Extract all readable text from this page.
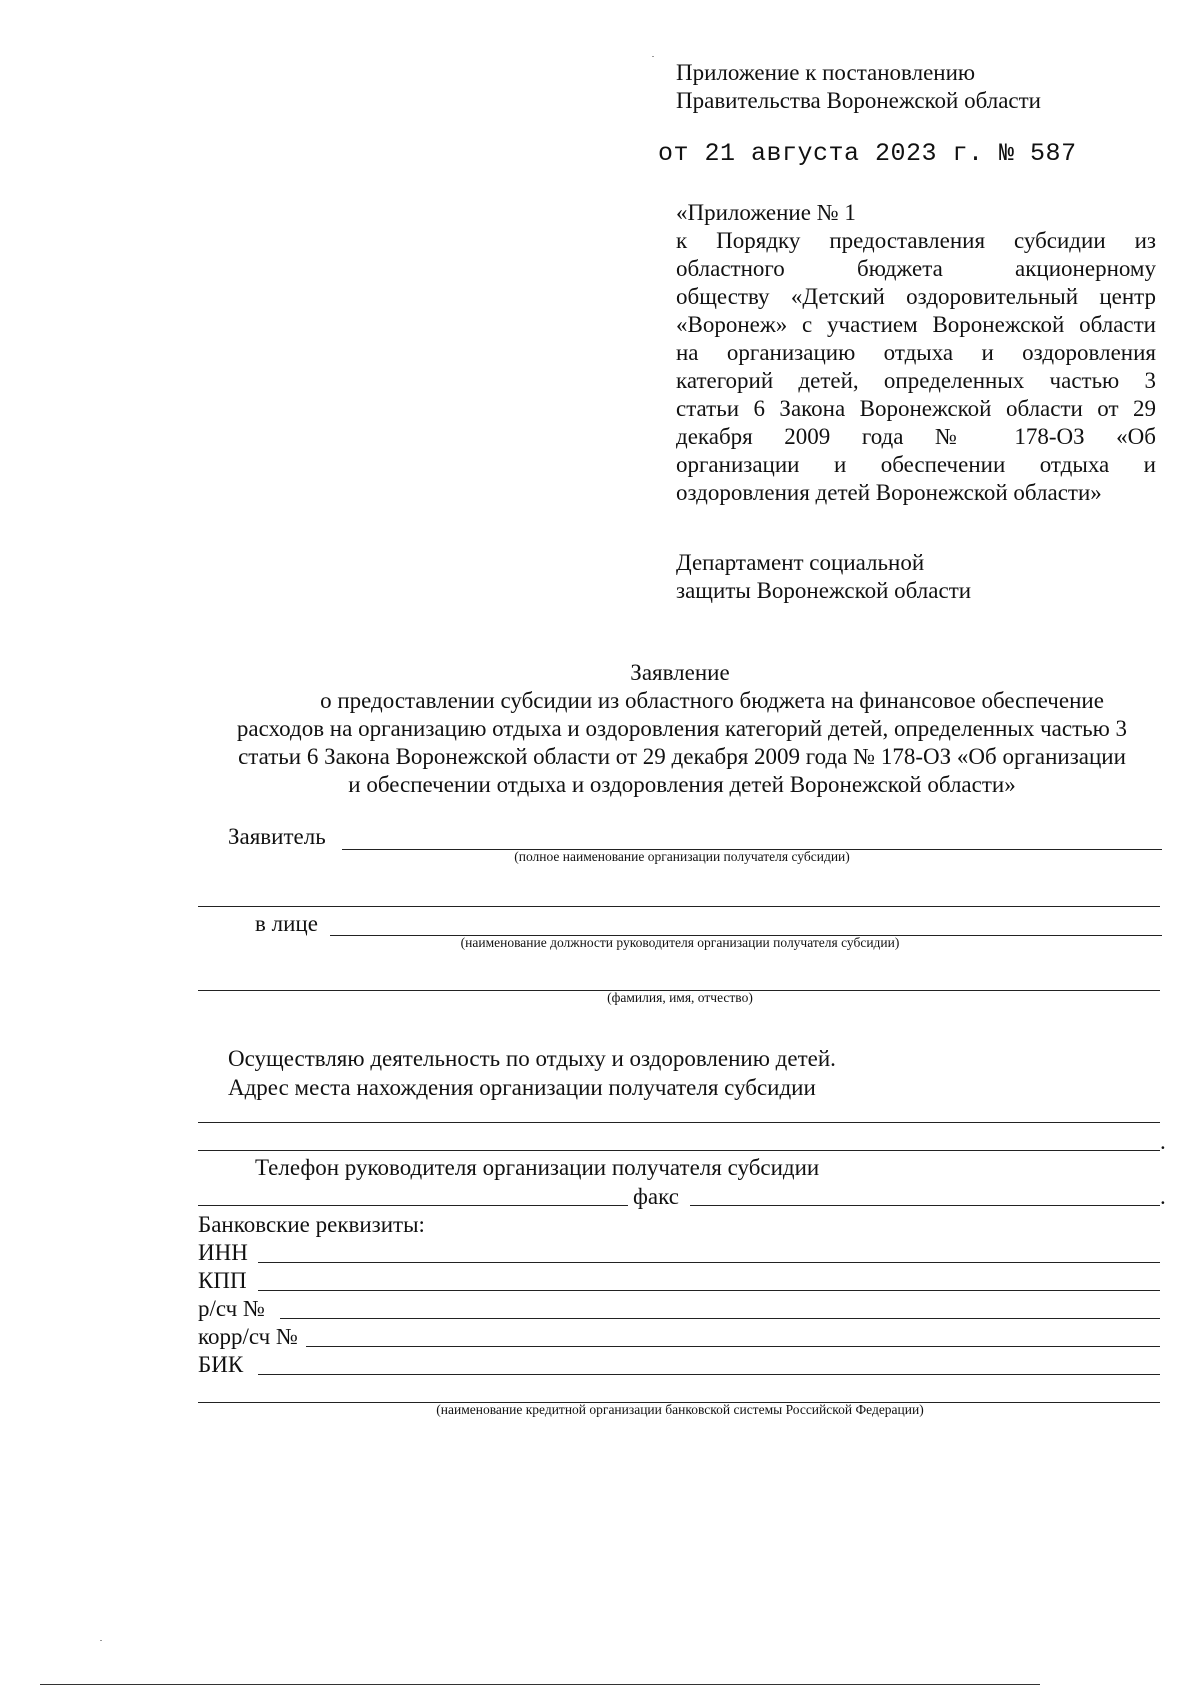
Приложение к постановлению
Правительства Воронежской области
от 21 августа 2023 г. № 587
«Приложение № 1
к Порядку предоставления субсидии из
областного бюджета акционерному
обществу «Детский оздоровительный центр
«Воронеж» с участием Воронежской области
на организацию отдыха и оздоровления
категорий детей, определенных частью 3
статьи 6 Закона Воронежской области от 29
декабря 2009 года № 178-ОЗ «Об
организации и обеспечении отдыха и
оздоровления детей Воронежской области»
Департамент социальной
защиты Воронежской области
Заявление
о предоставлении субсидии из областного бюджета на финансовое обеспечение
расходов на организацию отдыха и оздоровления категорий детей, определенных частью 3
статьи 6 Закона Воронежской области от 29 декабря 2009 года № 178-ОЗ «Об организации
и обеспечении отдыха и оздоровления детей Воронежской области»
Заявитель
(полное наименование организации получателя субсидии)
в лице
(наименование должности руководителя организации получателя субсидии)
(фамилия, имя, отчество)
Осуществляю деятельность по отдыху и оздоровлению детей.
Адрес места нахождения организации получателя субсидии
.
Телефон руководителя организации получателя субсидии
факс	.
Банковские реквизиты:
ИНН
КПП
р/сч №
корр/сч №
БИК
(наименование кредитной организации банковской системы Российской Федерации)
